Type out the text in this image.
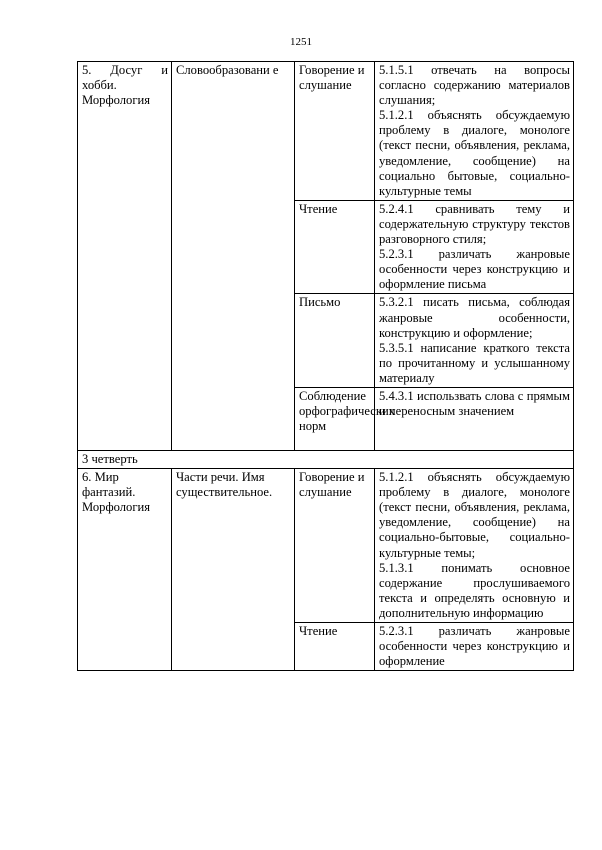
1251
5. Досуг и хобби. Морфология	Словообразовани е	Говорение и слушание	5.1.5.1 отвечать на вопросы согласно содержанию материалов слушания;
5.1.2.1 объяснять обсуждаемую проблему в диалоге, монологе (текст песни, объявления, реклама, уведомление, сообщение) на социально бытовые, социально-культурные темы

		Чтение	5.2.4.1 сравнивать тему и содержательную структуру текстов разговорного стиля;
5.2.3.1 различать жанровые особенности через конструкцию и оформление письма

		Письмо	5.3.2.1 писать письма, соблюдая жанровые особенности, конструкцию и оформление;
5.3.5.1 написание краткого текста по прочитанному и услышанному материалу

		Соблюдение орфографических норм	5.4.3.1 использвать слова с прямым и переносным значением

3 четверть			
6. Мир фантазий. Морфология	Части речи. Имя существительное.	Говорение и слушание	5.1.2.1 объяснять обсуждаемую проблему в диалоге, монологе (текст песни, объявления, реклама, уведомление, сообщение) на социально-бытовые, социально-культурные темы;
5.1.3.1 понимать основное содержание прослушиваемого текста и определять основную и дополнительную информацию

		Чтение	5.2.3.1 различать жанровые особенности через конструкцию и оформление
